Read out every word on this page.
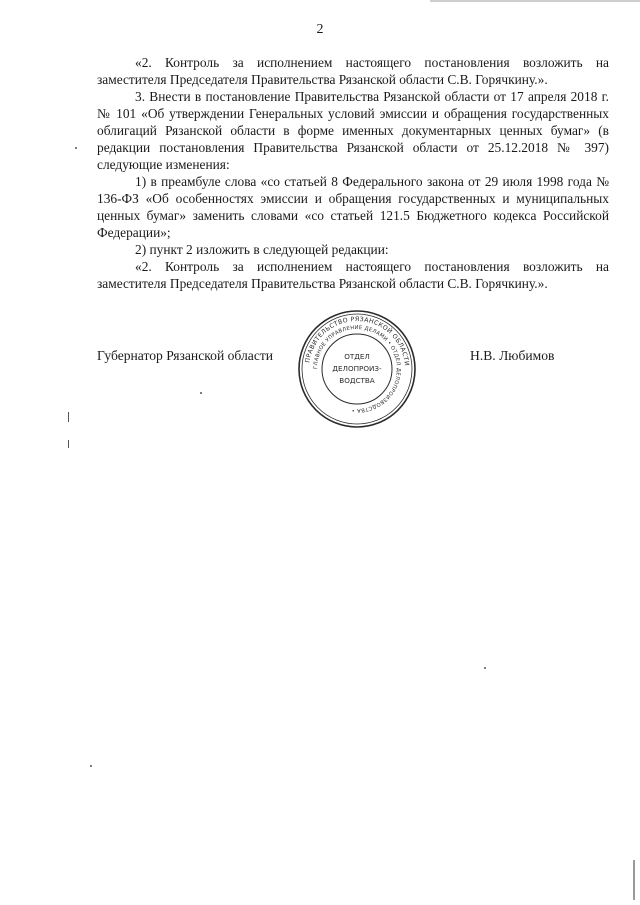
2

«2. Контроль за исполнением настоящего постановления возложить на заместителя Председателя Правительства Рязанской области С.В. Горячкину.».

3. Внести в постановление Правительства Рязанской области от 17 апреля 2018 г. № 101 «Об утверждении Генеральных условий эмиссии и обращения государственных облигаций Рязанской области в форме именных документарных ценных бумаг» (в редакции постановления Правительства Рязанской области от 25.12.2018 № 397) следующие изменения:

1) в преамбуле слова «со статьей 8 Федерального закона от 29 июля 1998 года № 136-ФЗ «Об особенностях эмиссии и обращения государственных и муниципальных ценных бумаг» заменить словами «со статьей 121.5 Бюджетного кодекса Российской Федерации»;

2) пункт 2 изложить в следующей редакции:

«2. Контроль за исполнением настоящего постановления возложить на заместителя Председателя Правительства Рязанской области С.В. Горячкину.».

Губернатор Рязанской области	Н.В. Любимов
ПРАВИТЕЛЬСТВО РЯЗАНСКОЙ ОБЛАСТИ
ГЛАВНОЕ УПРАВЛЕНИЕ ДЕЛАМИ • ОТДЕЛ ДЕЛОПРОИЗВОДСТВА •
ОТДЕЛ
ДЕЛОПРОИЗ-
ВОДСТВА
